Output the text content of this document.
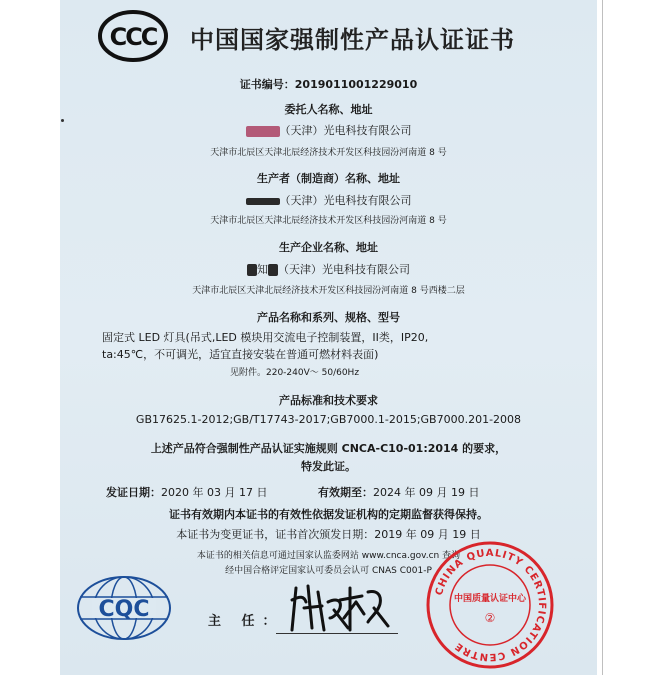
CCC 中国国家强制性产品认证证书
证书编号：2019011001229010
委托人名称、地址
（天津）光电科技有限公司
天津市北辰区天津北辰经济技术开发区科技园汾河南道 8 号
生产者（制造商）名称、地址
（天津）光电科技有限公司
天津市北辰区天津北辰经济技术开发区科技园汾河南道 8 号
生产企业名称、地址
知 （天津）光电科技有限公司
天津市北辰区天津北辰经济技术开发区科技园汾河南道 8 号西楼二层
产品名称和系列、规格、型号
固定式 LED 灯具(吊式,LED 模块用交流电子控制装置，II类，IP20,
ta:45℃，不可调光，适宜直接安装在普通可燃材料表面)
见附件。220-240V～ 50/60Hz
产品标准和技术要求
GB17625.1-2012;GB/T17743-2017;GB7000.1-2015;GB7000.201-2008
上述产品符合强制性产品认证实施规则 CNCA-C10-01:2014 的要求，
特发此证。
发证日期：2020 年 03 月 17 日	有效期至：2024 年 09 月 19 日
证书有效期内本证书的有效性依据发证机构的定期监督获得保持。
本证书为变更证书，证书首次颁发日期：2019 年 09 月 19 日
本证书的相关信息可通过国家认监委网站 www.cnca.gov.cn 查询
经中国合格评定国家认可委员会认可 CNAS C001-P
CQC	主 任：
CHINA QUALITY CERTIFICATION CENTRE
中国质量认证中心
②
